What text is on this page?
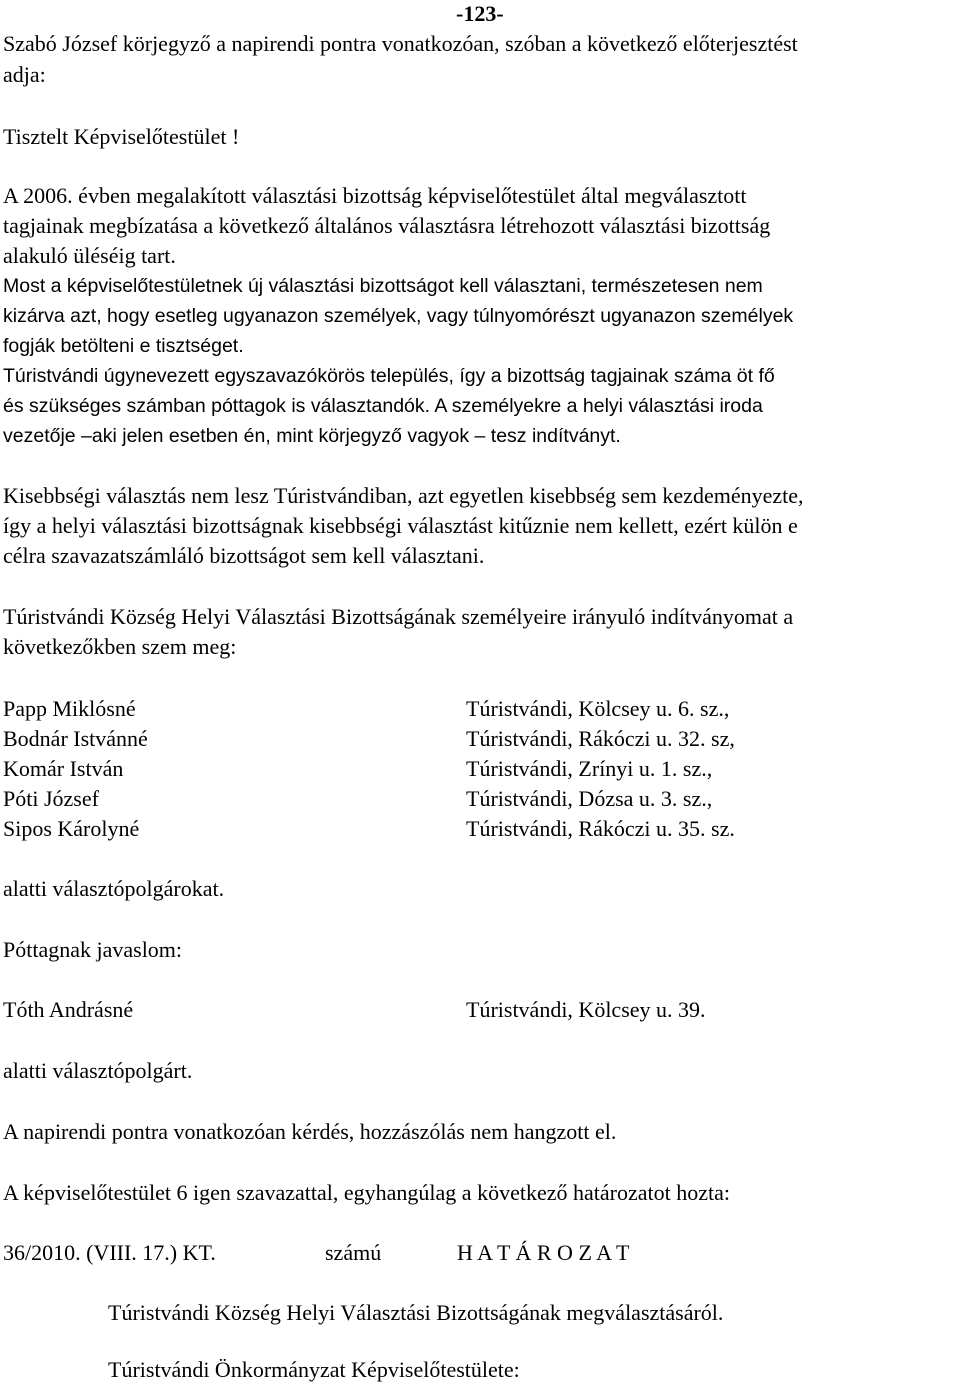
-123-

Szabó József körjegyző a napirendi pontra vonatkozóan, szóban a következő előterjesztést

adja:

Tisztelt Képviselőtestület !

A 2006. évben megalakított választási bizottság képviselőtestület által megválasztott

tagjainak megbízatása a következő általános választásra létrehozott választási bizottság

alakuló üléséig tart.

Most a képviselőtestületnek új választási bizottságot kell választani, természetesen nem

kizárva azt, hogy esetleg ugyanazon személyek, vagy túlnyomórészt ugyanazon személyek

fogják betölteni e tisztséget.

Túristvándi úgynevezett egyszavazókörös település, így a bizottság tagjainak száma öt fő

és szükséges számban póttagok is választandók. A személyekre a helyi választási iroda

vezetője –aki jelen esetben én, mint körjegyző vagyok – tesz indítványt.

Kisebbségi választás nem lesz Túristvándiban, azt egyetlen kisebbség sem kezdeményezte,

így a helyi választási bizottságnak kisebbségi választást kitűznie nem kellett, ezért külön e

célra szavazatszámláló bizottságot sem kell választani.

Túristvándi Község Helyi Választási Bizottságának személyeire irányuló indítványomat a

következőkben szem meg:

Papp Miklósné	Túristvándi, Kölcsey u. 6. sz.,
Bodnár Istvánné	Túristvándi, Rákóczi u. 32. sz,
Komár István	Túristvándi, Zrínyi u. 1. sz.,
Póti József	Túristvándi, Dózsa u. 3. sz.,
Sipos Károlyné	Túristvándi, Rákóczi u. 35. sz.

alatti választópolgárokat.

Póttagnak javaslom:

Tóth Andrásné	Túristvándi, Kölcsey u. 39.

alatti választópolgárt.

A napirendi pontra vonatkozóan kérdés, hozzászólás nem hangzott el.

A képviselőtestület 6 igen szavazattal, egyhangúlag a következő határozatot hozta:

36/2010. (VIII. 17.) KT.	számú	H A T Á R O Z A T
Túristvándi Község Helyi Választási Bizottságának megválasztásáról.
Túristvándi Önkormányzat Képviselőtestülete:
